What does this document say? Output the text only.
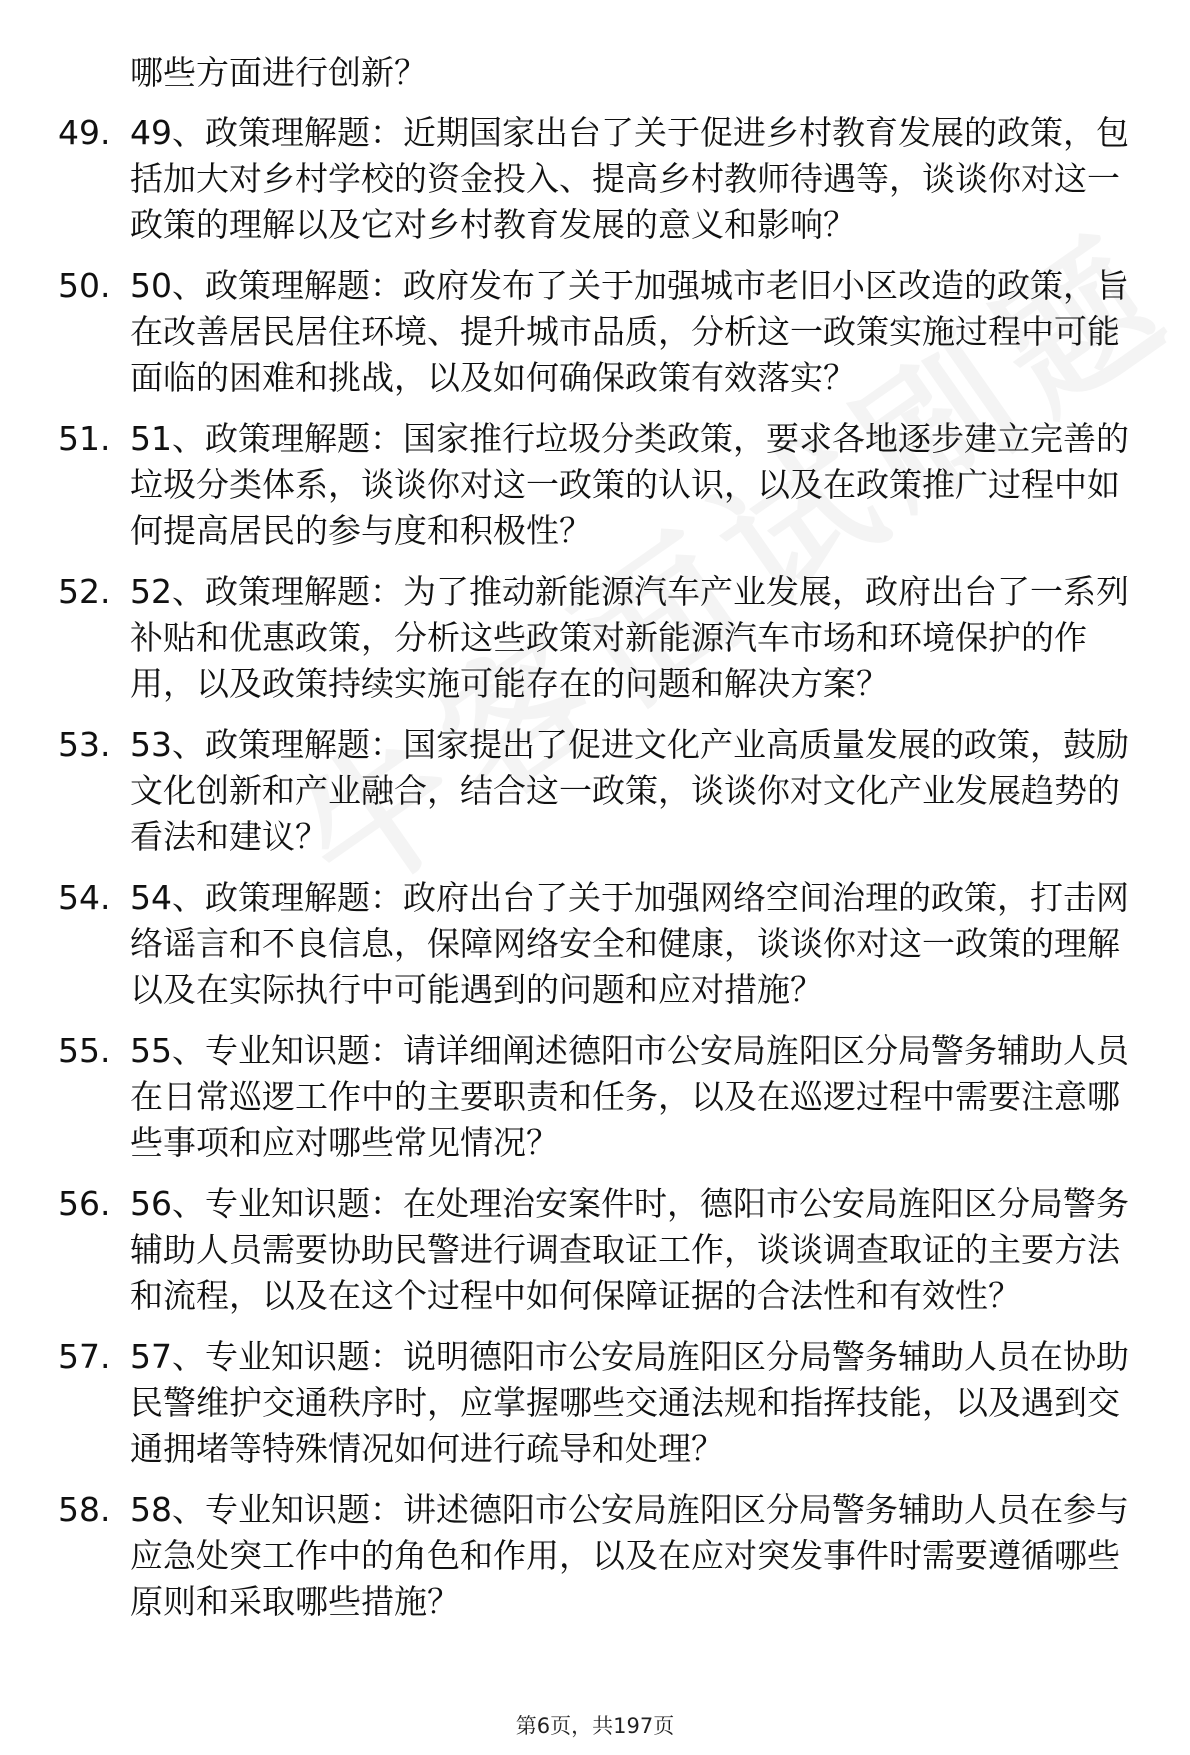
哪些方面进行创新？
49. 49、政策理解题：近期国家出台了关于促进乡村教育发展的政策，包括加大对乡村学校的资金投入、提高乡村教师待遇等，谈谈你对这一政策的理解以及它对乡村教育发展的意义和影响？
50. 50、政策理解题：政府发布了关于加强城市老旧小区改造的政策，旨在改善居民居住环境、提升城市品质，分析这一政策实施过程中可能面临的困难和挑战，以及如何确保政策有效落实？
51. 51、政策理解题：国家推行垃圾分类政策，要求各地逐步建立完善的垃圾分类体系，谈谈你对这一政策的认识，以及在政策推广过程中如何提高居民的参与度和积极性？
52. 52、政策理解题：为了推动新能源汽车产业发展，政府出台了一系列补贴和优惠政策，分析这些政策对新能源汽车市场和环境保护的作用，以及政策持续实施可能存在的问题和解决方案？
53. 53、政策理解题：国家提出了促进文化产业高质量发展的政策，鼓励文化创新和产业融合，结合这一政策，谈谈你对文化产业发展趋势的看法和建议？
54. 54、政策理解题：政府出台了关于加强网络空间治理的政策，打击网络谣言和不良信息，保障网络安全和健康，谈谈你对这一政策的理解以及在实际执行中可能遇到的问题和应对措施？
55. 55、专业知识题：请详细阐述德阳市公安局旌阳区分局警务辅助人员在日常巡逻工作中的主要职责和任务，以及在巡逻过程中需要注意哪些事项和应对哪些常见情况？
56. 56、专业知识题：在处理治安案件时，德阳市公安局旌阳区分局警务辅助人员需要协助民警进行调查取证工作，谈谈调查取证的主要方法和流程，以及在这个过程中如何保障证据的合法性和有效性？
57. 57、专业知识题：说明德阳市公安局旌阳区分局警务辅助人员在协助民警维护交通秩序时，应掌握哪些交通法规和指挥技能，以及遇到交通拥堵等特殊情况如何进行疏导和处理？
58. 58、专业知识题：讲述德阳市公安局旌阳区分局警务辅助人员在参与应急处突工作中的角色和作用，以及在应对突发事件时需要遵循哪些原则和采取哪些措施？
第6页，共197页
